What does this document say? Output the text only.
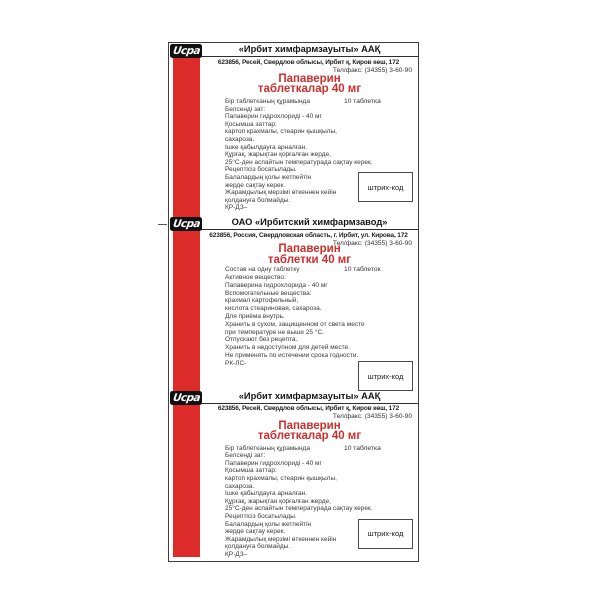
Ucpa	«Ирбит химфармзауыты» ААҚ
623856, Ресей, Свердлов облысы, Ирбит қ, Киров көш, 172
Тел/факс: (34355) 3-60-90
Папаверин
таблеткалар 40 мг
10 таблетка
Бір таблетканың құрамында
Белсенді зат:
Папаверин гидрохлориді - 40 мг
Қосымша заттар:
картоп крахмалы, стеарин қышқылы,
сахароза.
Ішке қабылдауға арналған.
Құрғақ, жарықтан қорғалған жерде,
25°С-ден аспайтын температурада сақтау керек.
Рецептісіз босатылады.
Балалардың қолы жетпейтін
жерде сақтау керек.
Жарамдылық мерзімі өткеннен кейін
қолдануға болмайды.
ҚР-ДЗ–
штрих-код
Ucpa	ОАО «Ирбитский химфармзавод»
623856, Россия, Свердловская область, г. Ирбит, ул. Кирова, 172
Тел/факс: (34355) 3-60-90
Папаверин
таблетки 40 мг
10 таблеток
Состав на одну таблетку
Активное вещество:
Папаверина гидрохлорида - 40 мг
Вспомогательные вещества:
крахмал картофельный,
кислота стеариновая, сахароза.
Для приёма внутрь.
Хранить в сухом, защищенном от света месте
при температуре не выше 25 °С.
Отпускают без рецепта.
Хранить в недоступном для детей месте.
Не применять по истечении срока годности.
РК-ЛС-
штрих-код
Ucpa	«Ирбит химфармзауыты» ААҚ
623856, Ресей, Свердлов облысы, Ирбит қ, Киров көш, 172
Тел/факс: (34355) 3-60-90
Папаверин
таблеткалар 40 мг
10 таблетка
Бір таблетканың құрамында
Белсенді зат:
Папаверин гидрохлориді - 40 мг
Қосымша заттар:
картоп крахмалы, стеарин қышқылы,
сахароза.
Ішке қабылдауға арналған.
Құрғақ, жарықтан қорғалған жерде,
25°С-ден аспайтын температурада сақтау керек.
Рецептісіз босатылады.
Балалардың қолы жетпейтін
жерде сақтау керек.
Жарамдылық мерзімі өткеннен кейін
қолдануға болмайды.
ҚР-ДЗ–
штрих-код
